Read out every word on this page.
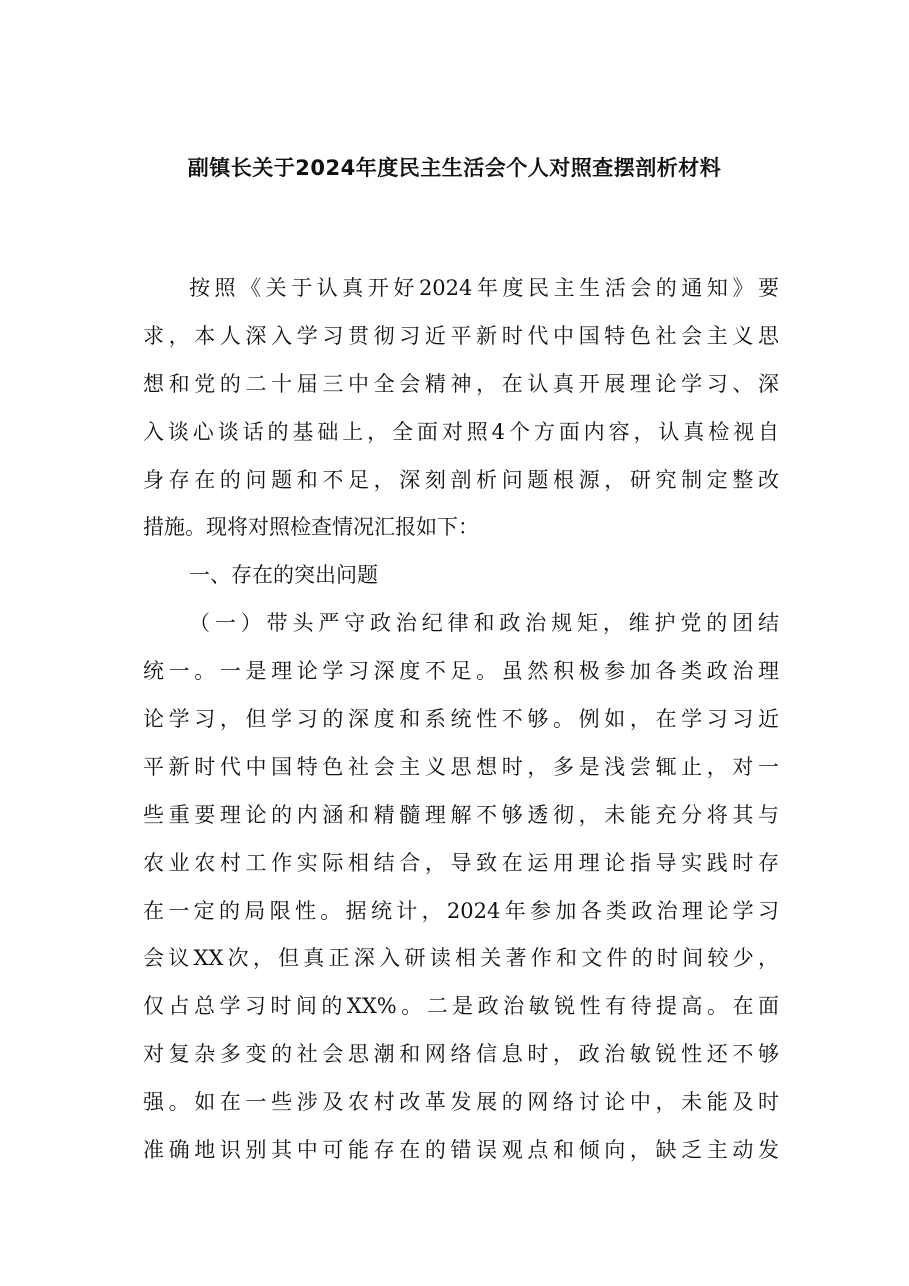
副镇长关于2024年度民主生活会个人对照查摆剖析材料
按照《关于认真开好2024年度民主生活会的通知》要
求，本人深入学习贯彻习近平新时代中国特色社会主义思
想和党的二十届三中全会精神，在认真开展理论学习、深
入谈心谈话的基础上，全面对照4个方面内容，认真检视自
身存在的问题和不足，深刻剖析问题根源，研究制定整改
措施。现将对照检查情况汇报如下：
一、存在的突出问题
（一）带头严守政治纪律和政治规矩，维护党的团结
统一。一是理论学习深度不足。虽然积极参加各类政治理
论学习，但学习的深度和系统性不够。例如，在学习习近
平新时代中国特色社会主义思想时，多是浅尝辄止，对一
些重要理论的内涵和精髓理解不够透彻，未能充分将其与
农业农村工作实际相结合，导致在运用理论指导实践时存
在一定的局限性。据统计，2024年参加各类政治理论学习
会议XX次，但真正深入研读相关著作和文件的时间较少，
仅占总学习时间的XX%。二是政治敏锐性有待提高。在面
对复杂多变的社会思潮和网络信息时，政治敏锐性还不够
强。如在一些涉及农村改革发展的网络讨论中，未能及时
准确地识别其中可能存在的错误观点和倾向，缺乏主动发
